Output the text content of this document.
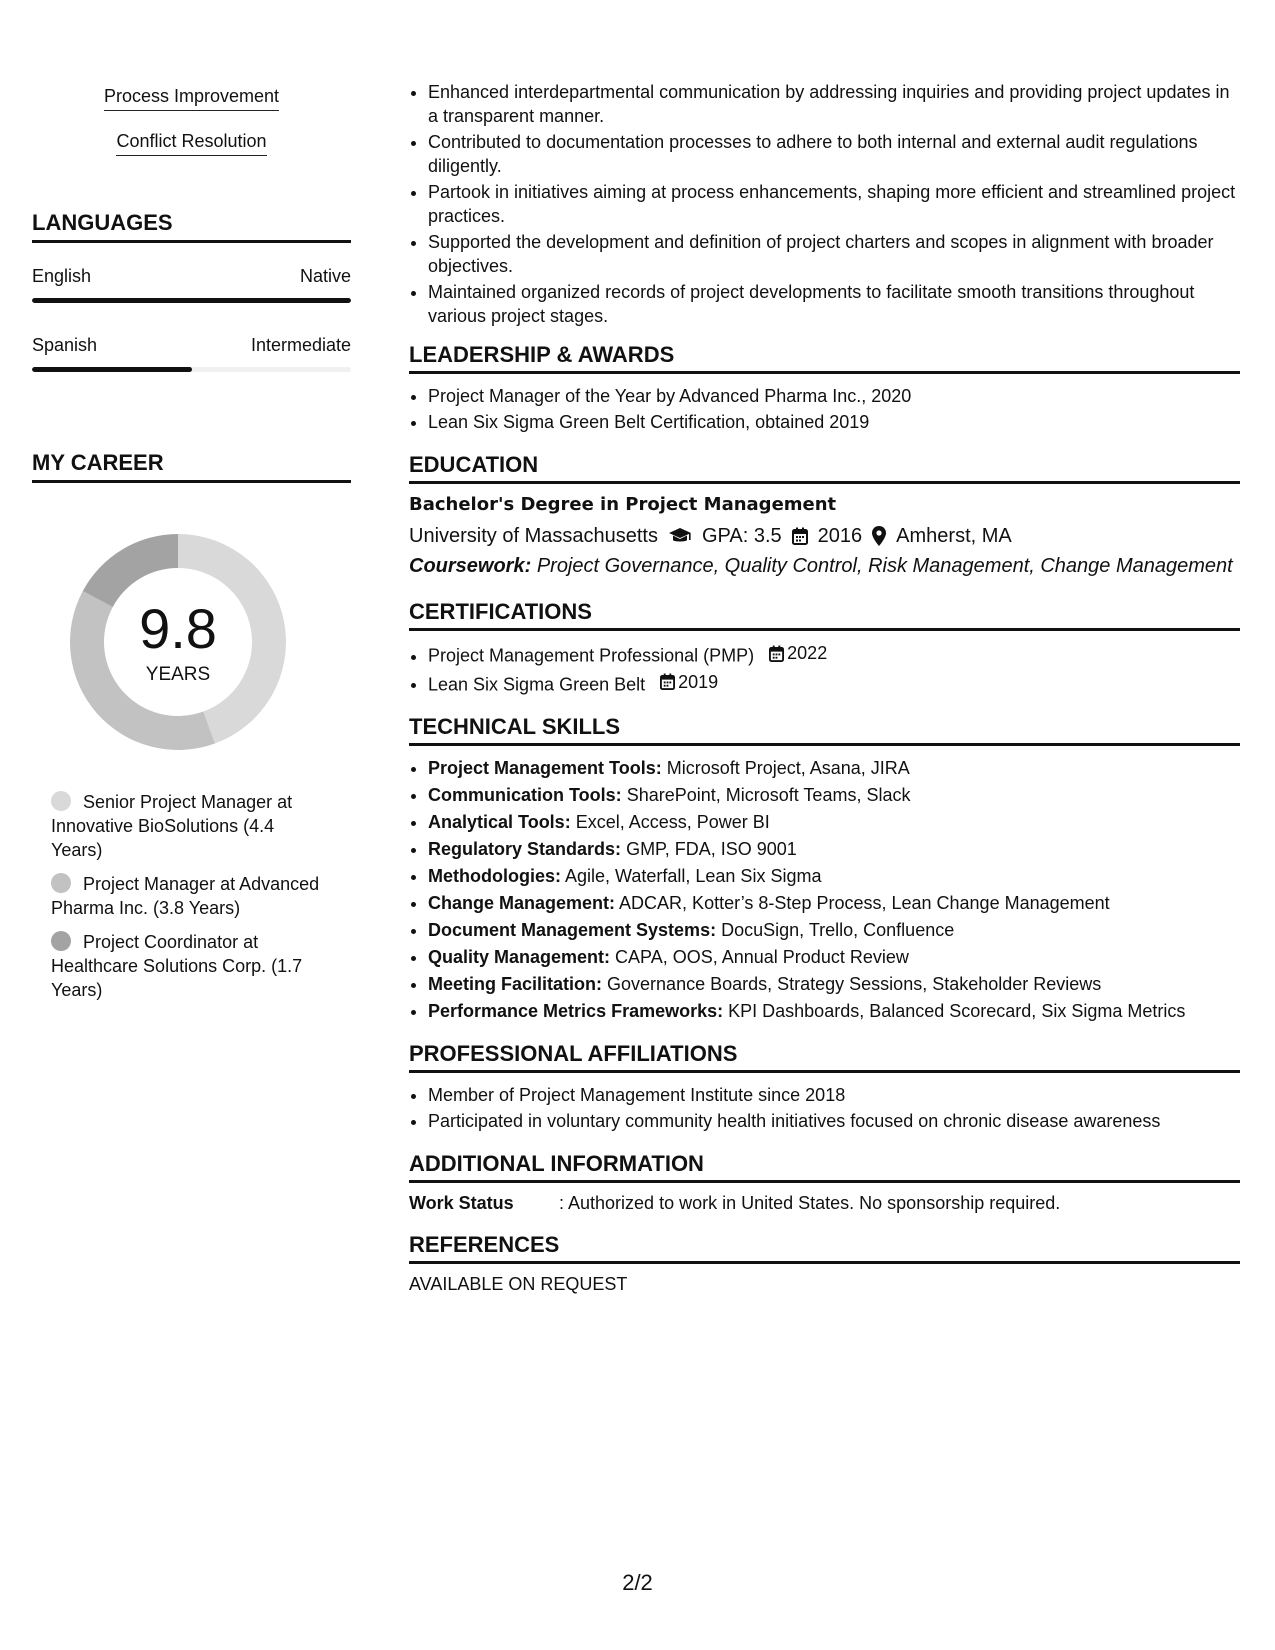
Process Improvement
Conflict Resolution
LANGUAGES
English	Native
Spanish	Intermediate
MY CAREER
9.8
YEARS
Senior Project Manager at Innovative BioSolutions (4.4 Years)
Project Manager at Advanced Pharma Inc. (3.8 Years)
Project Coordinator at Healthcare Solutions Corp. (1.7 Years)
• Enhanced interdepartmental communication by addressing inquiries and providing project updates in a transparent manner.
• Contributed to documentation processes to adhere to both internal and external audit regulations diligently.
• Partook in initiatives aiming at process enhancements, shaping more efficient and streamlined project practices.
• Supported the development and definition of project charters and scopes in alignment with broader objectives.
• Maintained organized records of project developments to facilitate smooth transitions throughout various project stages.
LEADERSHIP & AWARDS
• Project Manager of the Year by Advanced Pharma Inc., 2020
• Lean Six Sigma Green Belt Certification, obtained 2019
EDUCATION
Bachelor's Degree in Project Management
University of Massachusetts GPA: 3.5 2016 Amherst, MA
Coursework: Project Governance, Quality Control, Risk Management, Change Management
CERTIFICATIONS
• Project Management Professional (PMP) 2022
• Lean Six Sigma Green Belt 2019
TECHNICAL SKILLS
• Project Management Tools: Microsoft Project, Asana, JIRA
• Communication Tools: SharePoint, Microsoft Teams, Slack
• Analytical Tools: Excel, Access, Power BI
• Regulatory Standards: GMP, FDA, ISO 9001
• Methodologies: Agile, Waterfall, Lean Six Sigma
• Change Management: ADCAR, Kotter’s 8-Step Process, Lean Change Management
• Document Management Systems: DocuSign, Trello, Confluence
• Quality Management: CAPA, OOS, Annual Product Review
• Meeting Facilitation: Governance Boards, Strategy Sessions, Stakeholder Reviews
• Performance Metrics Frameworks: KPI Dashboards, Balanced Scorecard, Six Sigma Metrics
PROFESSIONAL AFFILIATIONS
• Member of Project Management Institute since 2018
• Participated in voluntary community health initiatives focused on chronic disease awareness
ADDITIONAL INFORMATION
Work Status	: Authorized to work in United States. No sponsorship required.
REFERENCES
AVAILABLE ON REQUEST
2/2
